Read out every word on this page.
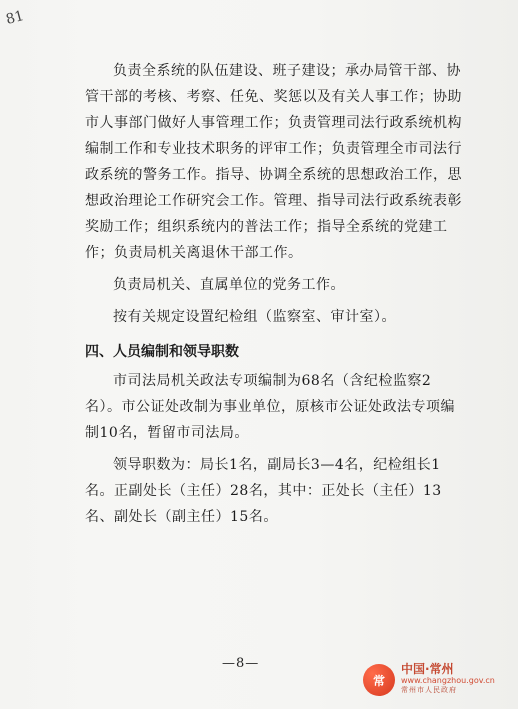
81

负责全系统的队伍建设、班子建设；承办局管干部、协管干部的考核、考察、任免、奖惩以及有关人事工作；协助市人事部门做好人事管理工作；负责管理司法行政系统机构编制工作和专业技术职务的评审工作；负责管理全市司法行政系统的警务工作。指导、协调全系统的思想政治工作，思想政治理论工作研究会工作。管理、指导司法行政系统表彰奖励工作；组织系统内的普法工作；指导全系统的党建工作；负责局机关离退休干部工作。

负责局机关、直属单位的党务工作。

按有关规定设置纪检组（监察室、审计室）。

四、人员编制和领导职数

市司法局机关政法专项编制为68名（含纪检监察2名）。市公证处改制为事业单位，原核市公证处政法专项编制10名，暂留市司法局。

领导职数为：局长1名，副局长3—4名，纪检组长1名。正副处长（主任）28名，其中：正处长（主任）13名、副处长（副主任）15名。

—8—
常
中国·常州
www.changzhou.gov.cn
常州市人民政府
